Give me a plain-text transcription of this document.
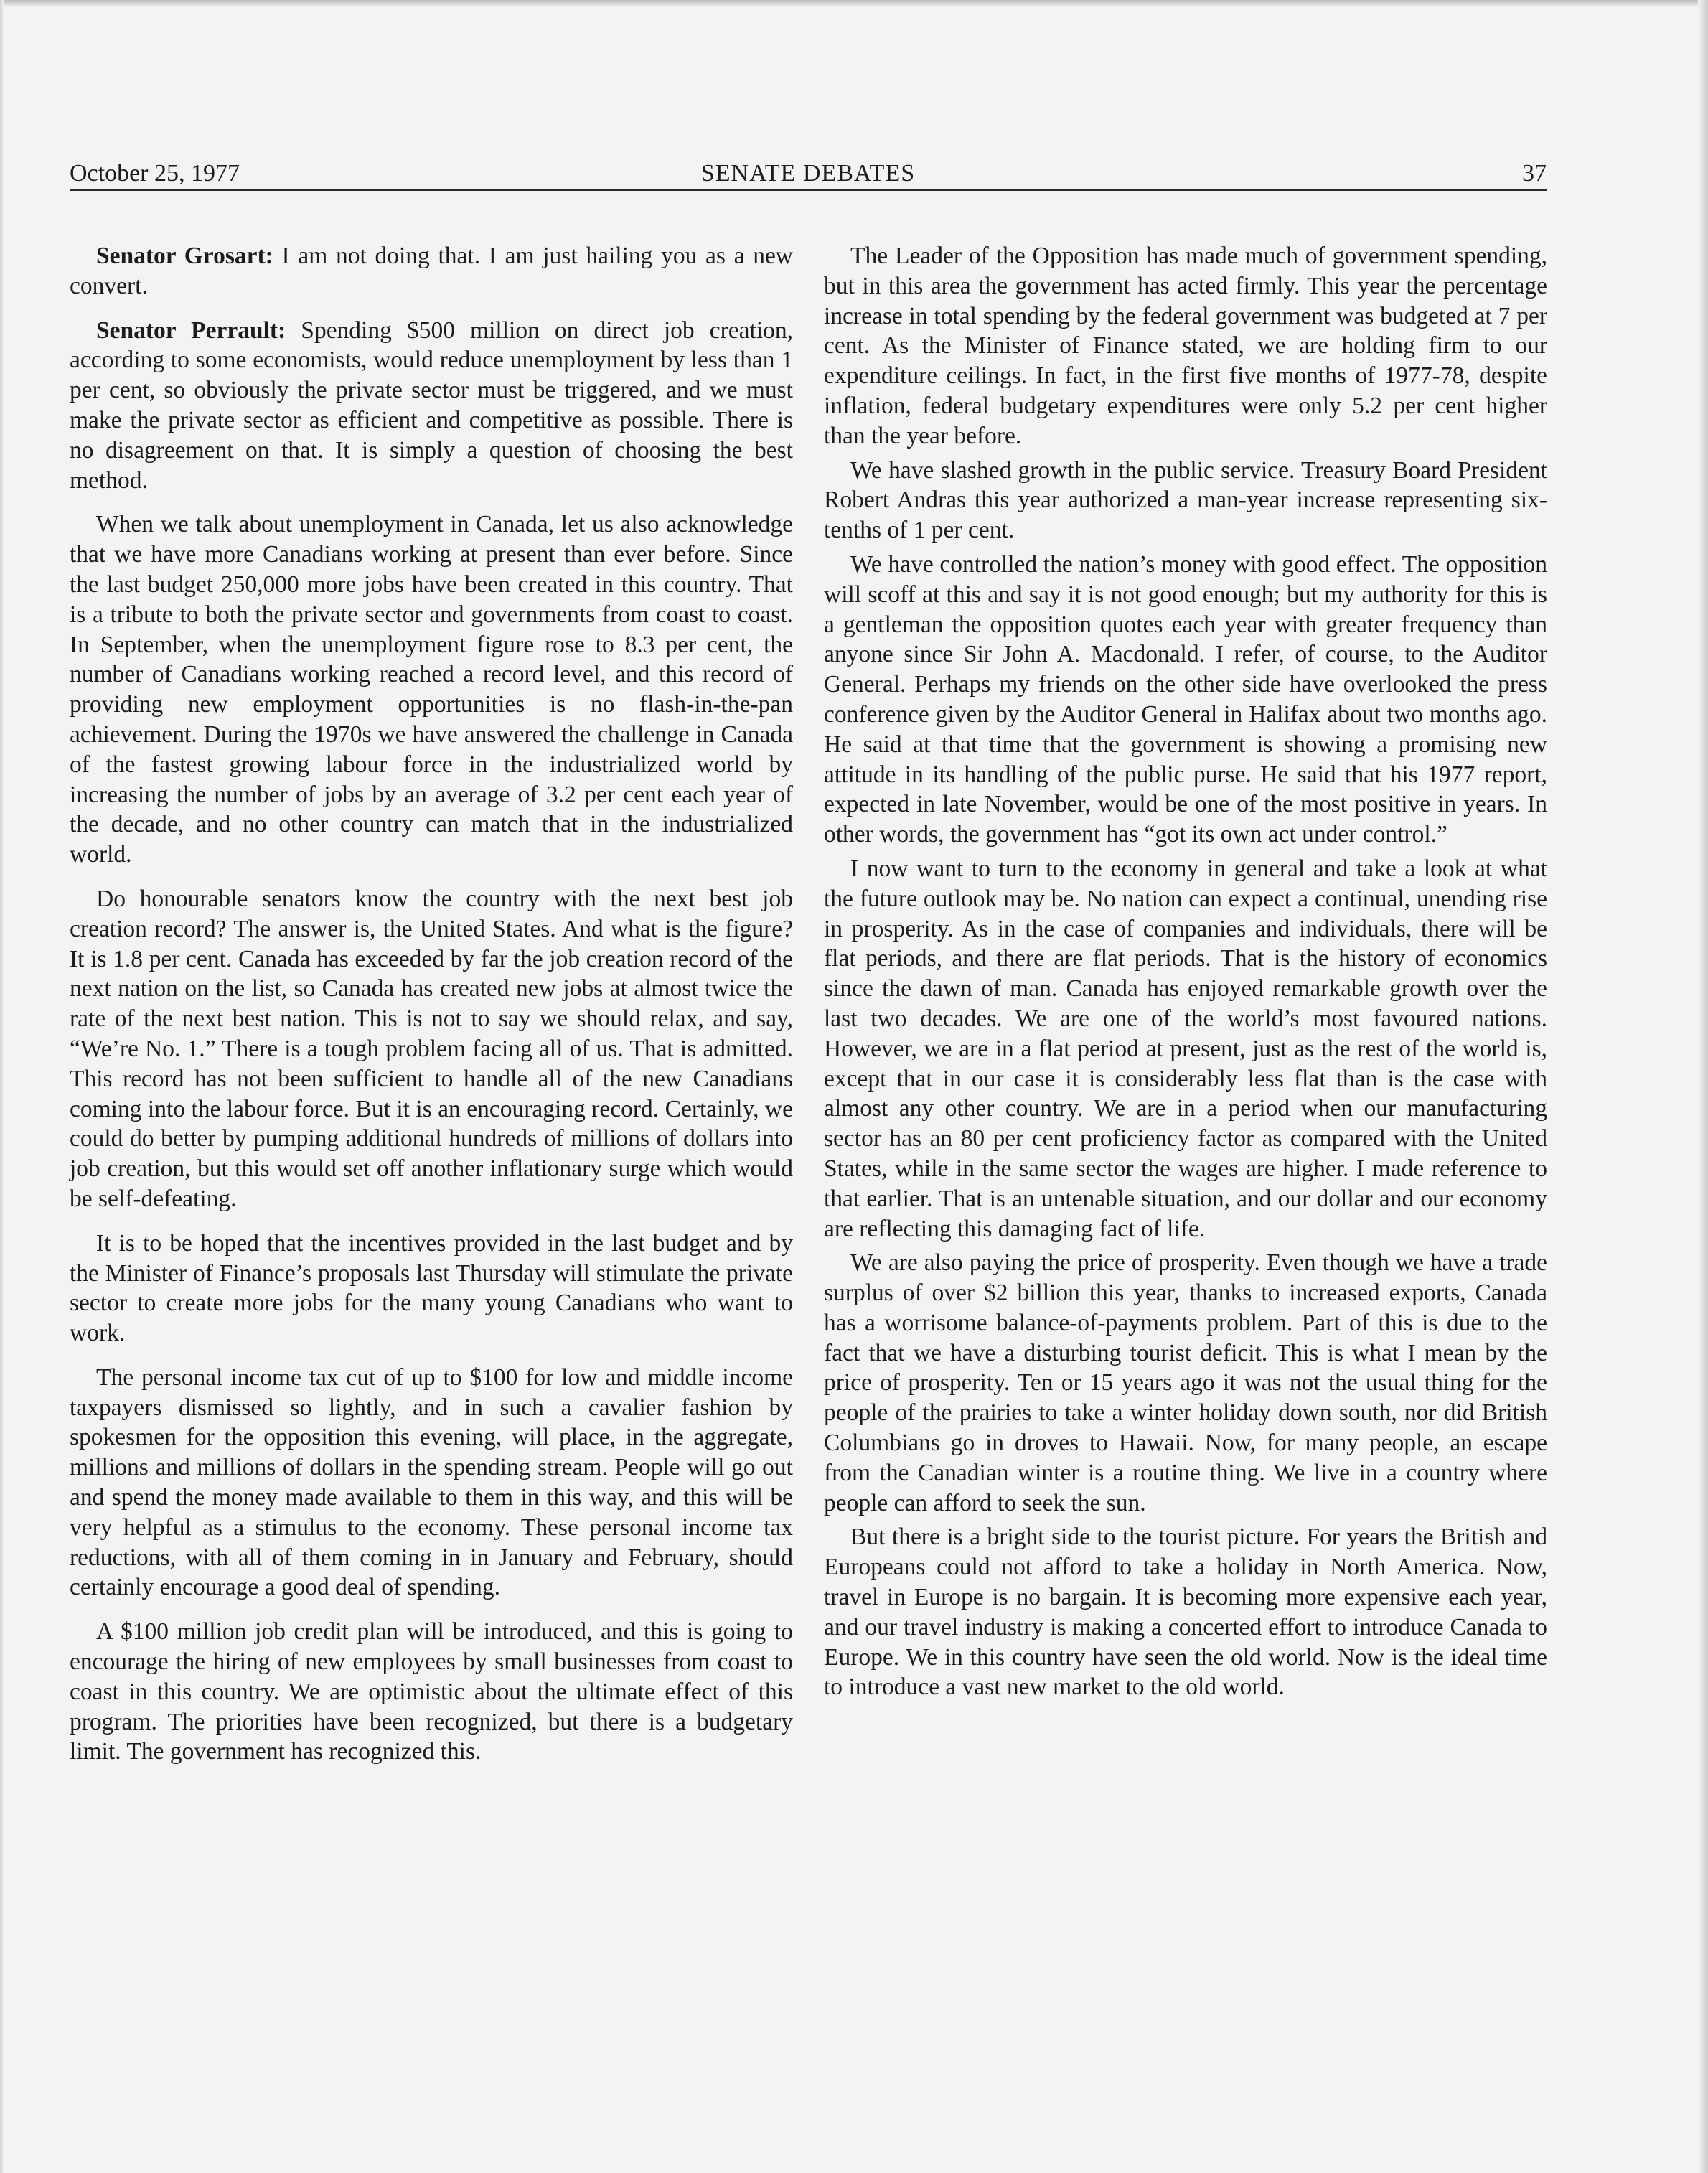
October 25, 1977	SENATE DEBATES	37

Senator Grosart: I am not doing that. I am just hailing you as a new convert.

Senator Perrault: Spending $500 million on direct job creation, according to some economists, would reduce unemployment by less than 1 per cent, so obviously the private sector must be triggered, and we must make the private sector as efficient and competitive as possible. There is no disagreement on that. It is simply a question of choosing the best method.

When we talk about unemployment in Canada, let us also acknowledge that we have more Canadians working at present than ever before. Since the last budget 250,000 more jobs have been created in this country. That is a tribute to both the private sector and governments from coast to coast. In September, when the unemployment figure rose to 8.3 per cent, the number of Canadians working reached a record level, and this record of providing new employment opportunities is no flash-in-the-pan achievement. During the 1970s we have answered the challenge in Canada of the fastest growing labour force in the industrialized world by increasing the number of jobs by an average of 3.2 per cent each year of the decade, and no other country can match that in the industrialized world.

Do honourable senators know the country with the next best job creation record? The answer is, the United States. And what is the figure? It is 1.8 per cent. Canada has exceeded by far the job creation record of the next nation on the list, so Canada has created new jobs at almost twice the rate of the next best nation. This is not to say we should relax, and say, “We’re No. 1.” There is a tough problem facing all of us. That is admitted. This record has not been sufficient to handle all of the new Canadians coming into the labour force. But it is an encouraging record. Certainly, we could do better by pumping additional hundreds of millions of dollars into job creation, but this would set off another inflationary surge which would be self-defeating.

It is to be hoped that the incentives provided in the last budget and by the Minister of Finance’s proposals last Thursday will stimulate the private sector to create more jobs for the many young Canadians who want to work.

The personal income tax cut of up to $100 for low and middle income taxpayers dismissed so lightly, and in such a cavalier fashion by spokesmen for the opposition this evening, will place, in the aggregate, millions and millions of dollars in the spending stream. People will go out and spend the money made available to them in this way, and this will be very helpful as a stimulus to the economy. These personal income tax reductions, with all of them coming in in January and February, should certainly encourage a good deal of spending.

A $100 million job credit plan will be introduced, and this is going to encourage the hiring of new employees by small businesses from coast to coast in this country. We are optimistic about the ultimate effect of this program. The priorities have been recognized, but there is a budgetary limit. The government has recognized this.

The Leader of the Opposition has made much of government spending, but in this area the government has acted firmly. This year the percentage increase in total spending by the federal government was budgeted at 7 per cent. As the Minister of Finance stated, we are holding firm to our expenditure ceilings. In fact, in the first five months of 1977-78, despite inflation, federal budgetary expenditures were only 5.2 per cent higher than the year before.

We have slashed growth in the public service. Treasury Board President Robert Andras this year authorized a man-year increase representing six-tenths of 1 per cent.

We have controlled the nation’s money with good effect. The opposition will scoff at this and say it is not good enough; but my authority for this is a gentleman the opposition quotes each year with greater frequency than anyone since Sir John A. Macdonald. I refer, of course, to the Auditor General. Perhaps my friends on the other side have overlooked the press conference given by the Auditor General in Halifax about two months ago. He said at that time that the government is showing a promising new attitude in its handling of the public purse. He said that his 1977 report, expected in late November, would be one of the most positive in years. In other words, the government has “got its own act under control.”

I now want to turn to the economy in general and take a look at what the future outlook may be. No nation can expect a continual, unending rise in prosperity. As in the case of companies and individuals, there will be flat periods, and there are flat periods. That is the history of economics since the dawn of man. Canada has enjoyed remarkable growth over the last two decades. We are one of the world’s most favoured nations. However, we are in a flat period at present, just as the rest of the world is, except that in our case it is considerably less flat than is the case with almost any other country. We are in a period when our manufacturing sector has an 80 per cent proficiency factor as compared with the United States, while in the same sector the wages are higher. I made reference to that earlier. That is an untenable situation, and our dollar and our economy are reflecting this damaging fact of life.

We are also paying the price of prosperity. Even though we have a trade surplus of over $2 billion this year, thanks to increased exports, Canada has a worrisome balance-of-payments problem. Part of this is due to the fact that we have a disturbing tourist deficit. This is what I mean by the price of prosperity. Ten or 15 years ago it was not the usual thing for the people of the prairies to take a winter holiday down south, nor did British Columbians go in droves to Hawaii. Now, for many people, an escape from the Canadian winter is a routine thing. We live in a country where people can afford to seek the sun.

But there is a bright side to the tourist picture. For years the British and Europeans could not afford to take a holiday in North America. Now, travel in Europe is no bargain. It is becoming more expensive each year, and our travel industry is making a concerted effort to introduce Canada to Europe. We in this country have seen the old world. Now is the ideal time to introduce a vast new market to the old world.
